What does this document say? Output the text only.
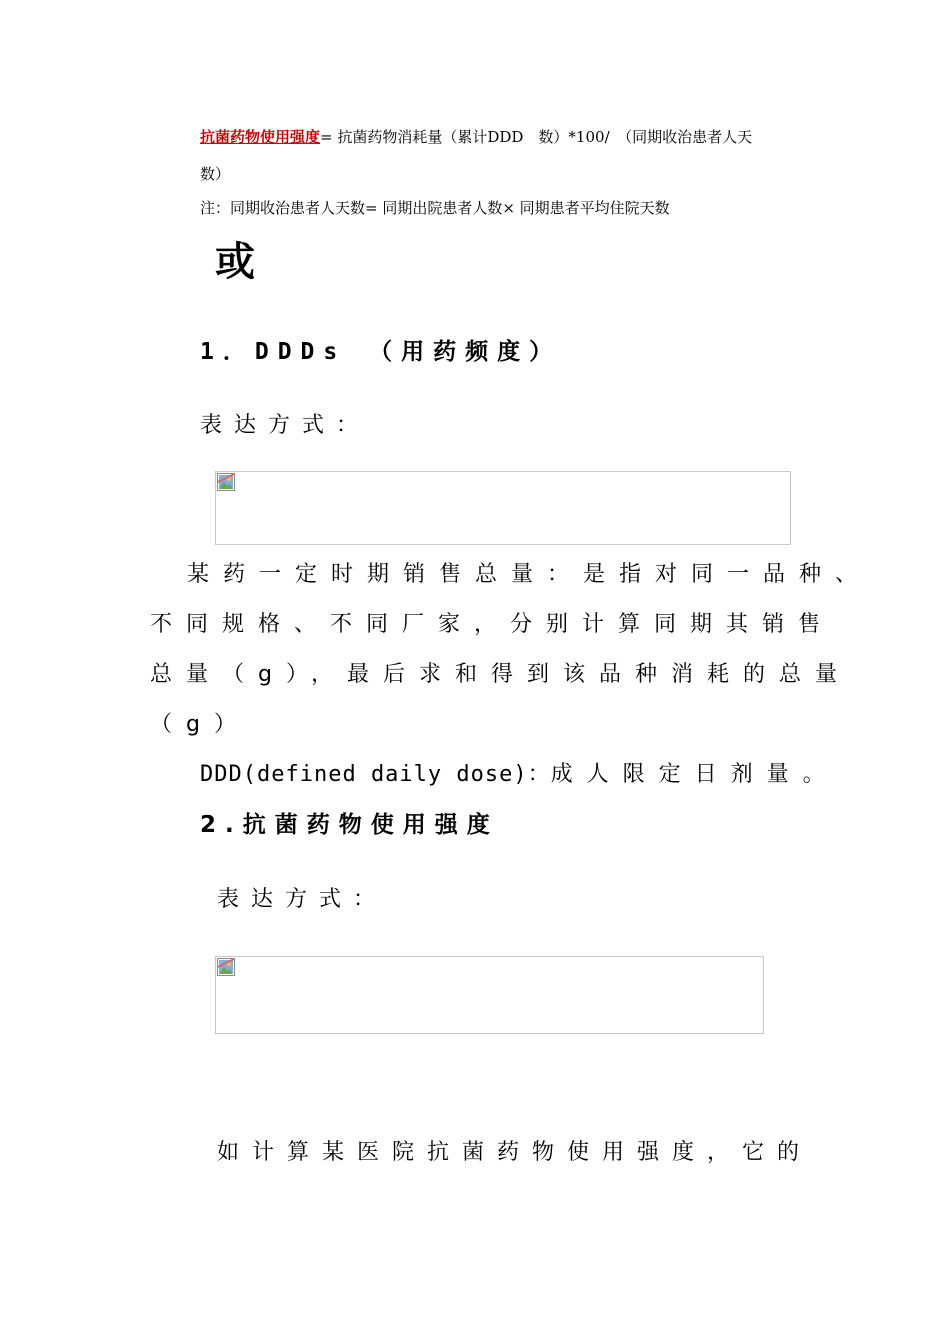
抗菌药物使用强度= 抗菌药物消耗量（累计DDD　数）*100/　（同期收治患者人天
数）
注：同期收治患者人天数= 同期出院患者人数× 同期患者平均住院天数
或
1．DDDs （用药频度）
表达方式：
某药一定时期销售总量：是指对同一品种、
不同规格、不同厂家，分别计算同期其销售
总量（g），最后求和得到该品种消耗的总量
（g）
DDD(defined daily dose)：成人限定日剂量。
2.抗菌药物使用强度
表达方式：
如计算某医院抗菌药物使用强度，它的
